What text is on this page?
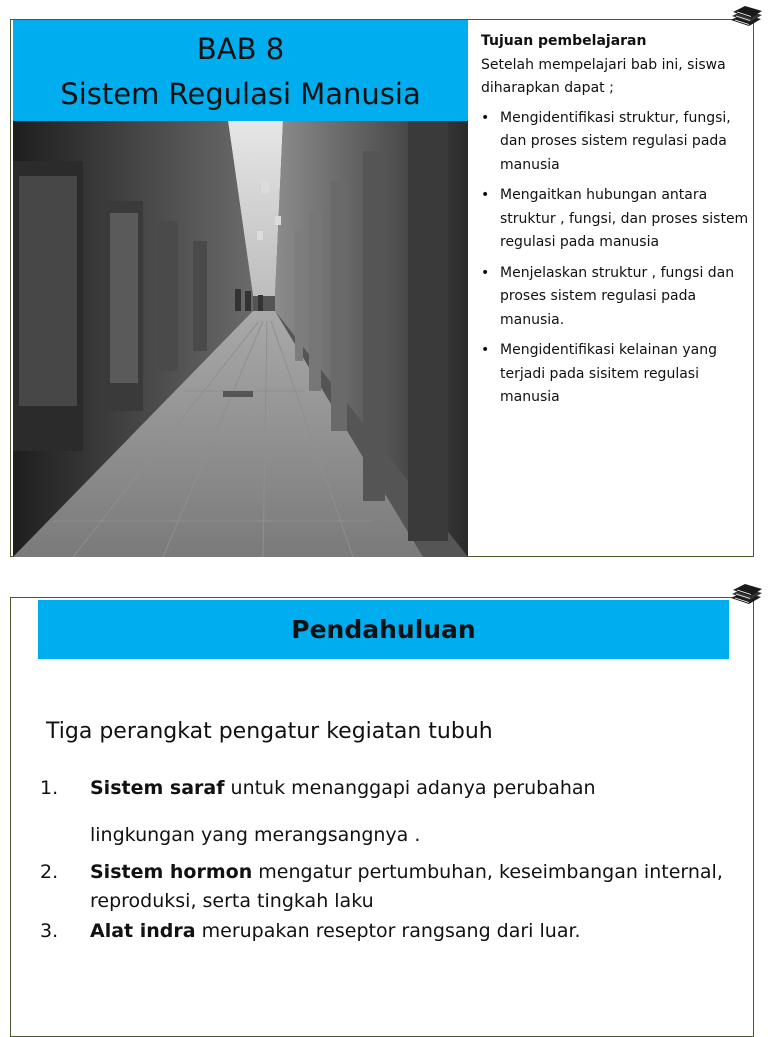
BAB 8
Sistem Regulasi Manusia
Tujuan pembelajaran

Setelah mempelajari bab ini, siswa diharapkan dapat ;

• Mengidentifikasi struktur, fungsi, dan proses sistem regulasi pada manusia
• Mengaitkan hubungan antara struktur , fungsi, dan proses sistem regulasi pada manusia
• Menjelaskan struktur , fungsi dan proses sistem regulasi pada manusia.
• Mengidentifikasi kelainan yang terjadi pada sisitem regulasi manusia
Pendahuluan
Tiga perangkat pengatur kegiatan tubuh
1. Sistem saraf untuk menanggapi adanya perubahan
lingkungan yang merangsangnya .
2. Sistem hormon mengatur pertumbuhan, keseimbangan internal, reproduksi, serta tingkah laku
3. Alat indra merupakan reseptor rangsang dari luar.
